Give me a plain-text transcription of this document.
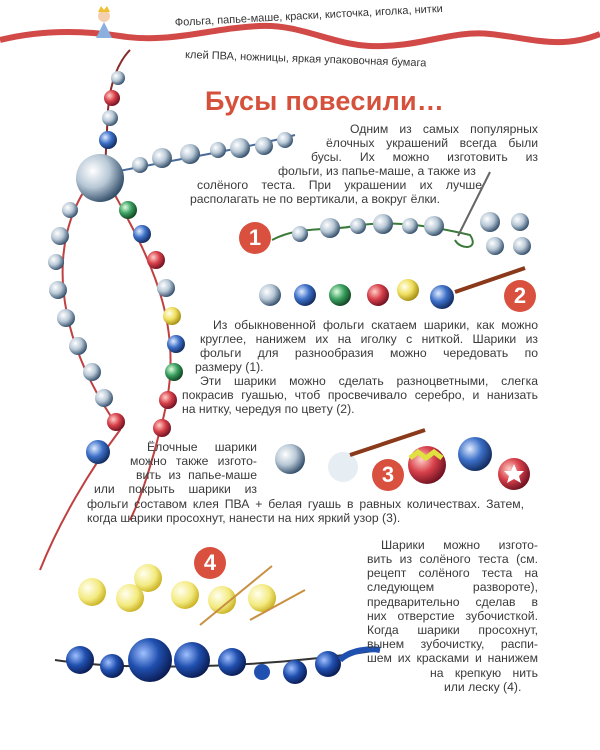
Фольга, папье-маше, краски, кисточка, иголка, нитки
клей ПВА, ножницы, яркая упаковочная бумага
Бусы повесили…
1
2
3
4
Одним из самых популярных
ёлочных украшений всегда были
бусы. Их можно изготовить из
фольги, из папье-маше, а также из
солёного теста. При украшении их лучше
располагать не по вертикали, а вокруг ёлки.
Из обыкновенной фольги скатаем шарики, как можно
круглее, нанижем их на иголку с ниткой. Шарики из
фольги для разнообразия можно чередовать по
размеру (1).
Эти шарики можно сделать разноцветными, слегка
покрасив гуашью, чтоб просвечивало серебро, и нанизать
на нитку, чередуя по цвету (2).
Ёлочные шарики
можно также изгото-
вить из папье-маше
или покрыть шарики из
фольги составом клея ПВА + белая гуашь в равных количествах. Затем,
когда шарики просохнут, нанести на них яркий узор (3).
Шарики можно изгото-
вить из солёного теста (см.
рецепт солёного теста на
следующем развороте),
предварительно сделав в
них отверстие зубочисткой.
Когда шарики просохнут,
вынем зубочистку, распи-
шем их красками и нанижем
на крепкую нить
или леску (4).
